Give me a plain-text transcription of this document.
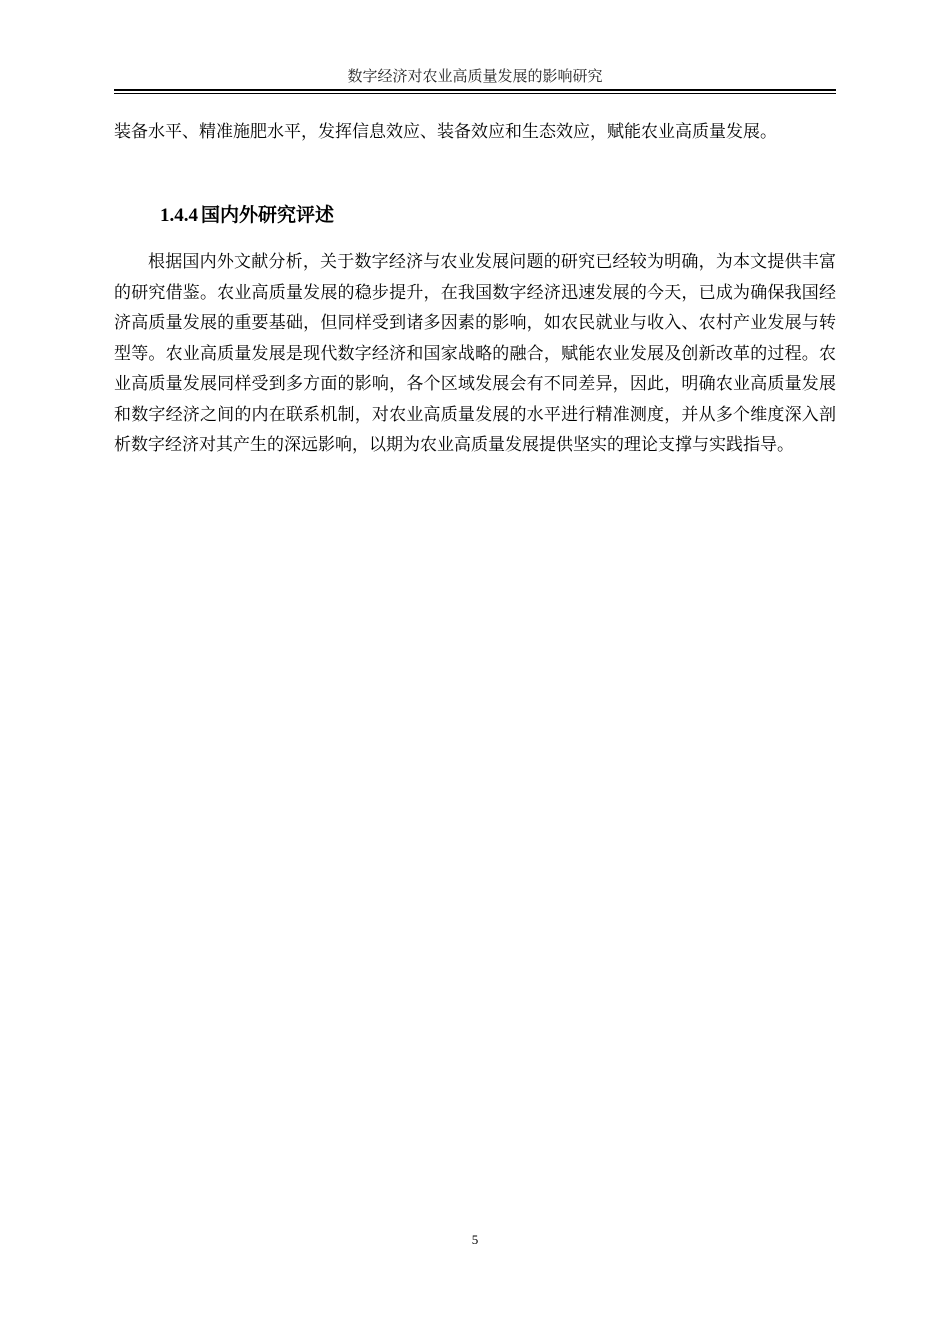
数字经济对农业高质量发展的影响研究
装备水平、精准施肥水平，发挥信息效应、装备效应和生态效应，赋能农业高质量发展。
1.4.4 国内外研究评述
根据国内外文献分析，关于数字经济与农业发展问题的研究已经较为明确，为本文提供丰富的研究借鉴。农业高质量发展的稳步提升，在我国数字经济迅速发展的今天，已成为确保我国经济高质量发展的重要基础，但同样受到诸多因素的影响，如农民就业与收入、农村产业发展与转型等。农业高质量发展是现代数字经济和国家战略的融合，赋能农业发展及创新改革的过程。农业高质量发展同样受到多方面的影响，各个区域发展会有不同差异，因此，明确农业高质量发展和数字经济之间的内在联系机制，对农业高质量发展的水平进行精准测度，并从多个维度深入剖析数字经济对其产生的深远影响，以期为农业高质量发展提供坚实的理论支撑与实践指导。
5
